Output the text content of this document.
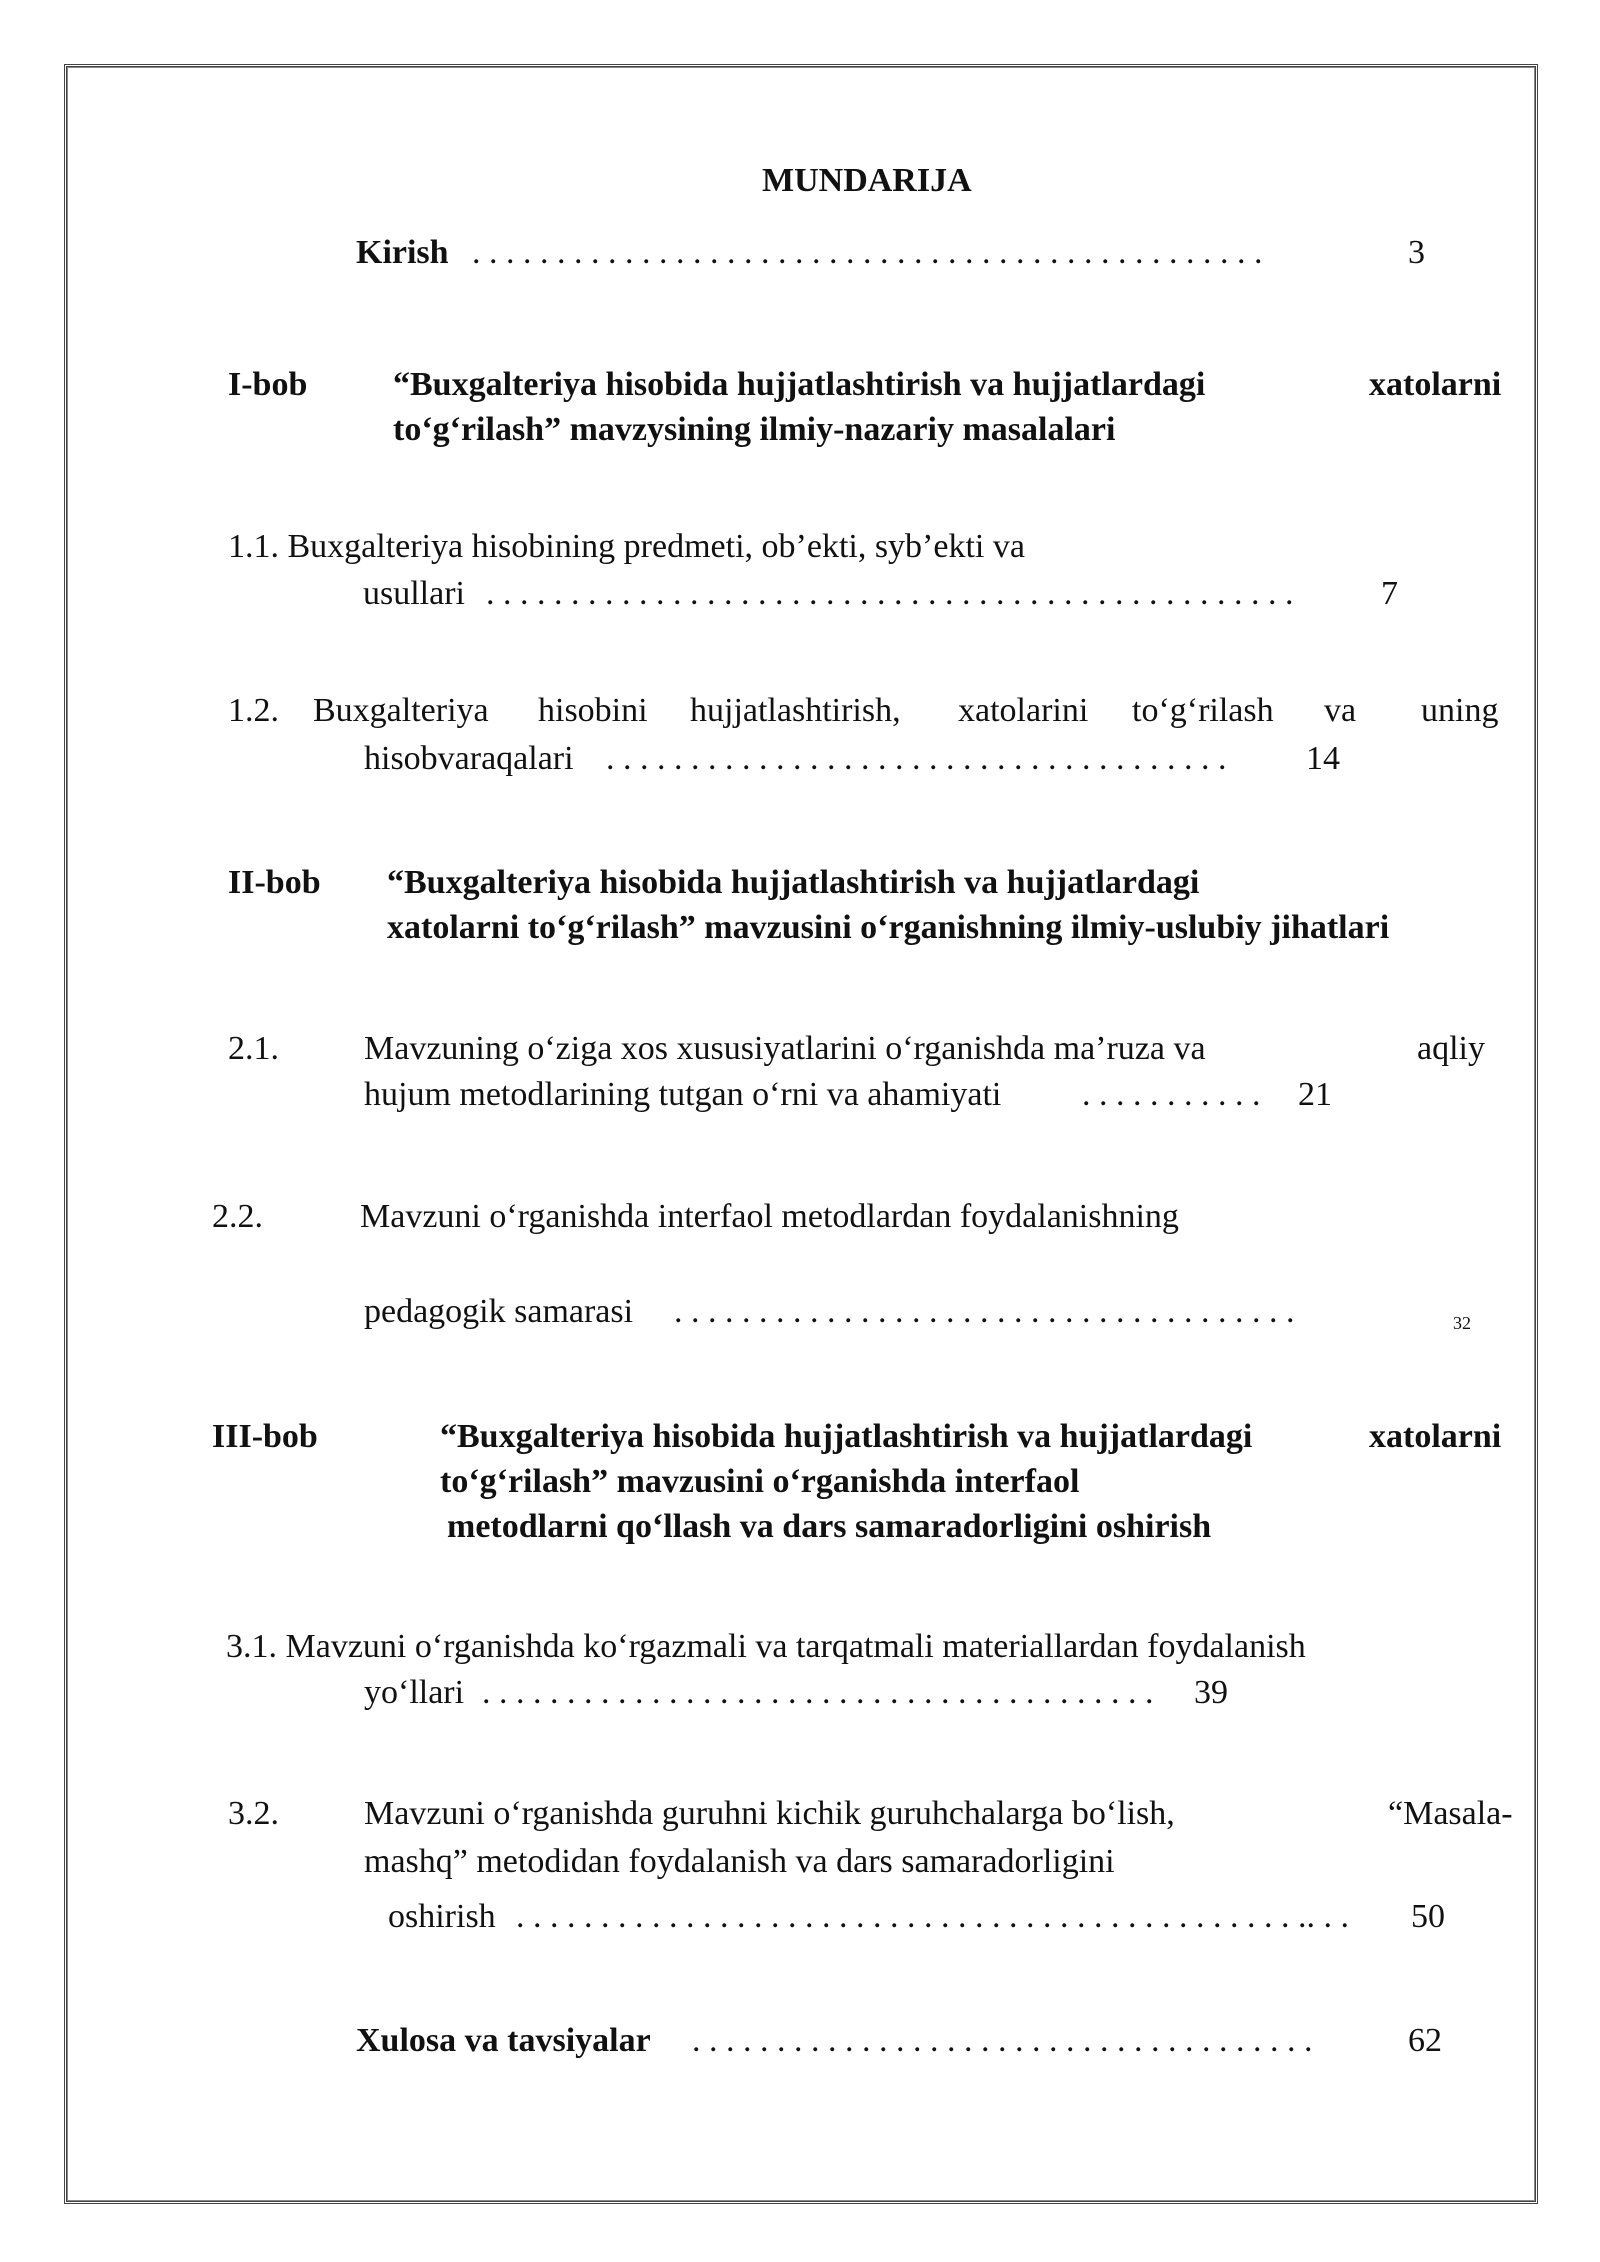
MUNDARIJA
Kirish . . . . . . . . . . . . . . . . . . . . . . . . . . . . . . . . . . . . . . . . . . . . . . .	3
I-bob	“Buxgalteriya hisobida hujjatlashtirish va hujjatlardagi	xatolarni
to‘g‘rilash” mavzysining ilmiy-nazariy masalalari
1.1. Buxgalteriya hisobining predmeti, ob’ekti, syb’ekti va
usullari . . . . . . . . . . . . . . . . . . . . . . . . . . . . . . . . . . . . . . . . . . . . . . . .	7
1.2. Buxgalteriya hisobini hujjatlashtirish, xatolarini to‘g‘rilash va uning
hisobvaraqalari . . . . . . . . . . . . . . . . . . . . . . . . . . . . . . . . . . . . . 14
II-bob “Buxgalteriya hisobida hujjatlashtirish va hujjatlardagi
xatolarni to‘g‘rilash” mavzusini o‘rganishning ilmiy-uslubiy jihatlari
2.1.	Mavzuning o‘ziga xos xususiyatlarini o‘rganishda ma’ruza va	aqliy
hujum metodlarining tutgan o‘rni va ahamiyati . . . . . . . . . . . 21
2.2.	Mavzuni o‘rganishda interfaol metodlardan foydalanishning
pedagogik samarasi . . . . . . . . . . . . . . . . . . . . . . . . . . . . . . . . . . . . .	32
III-bob	“Buxgalteriya hisobida hujjatlashtirish va hujjatlardagi	xatolarni
to‘g‘rilash” mavzusini o‘rganishda interfaol
metodlarni qo‘llash va dars samaradorligini oshirish
3.1. Mavzuni o‘rganishda ko‘rgazmali va tarqatmali materiallardan foydalanish
yo‘llari . . . . . . . . . . . . . . . . . . . . . . . . . . . . . . . . . . . . . . . . 39
3.2.	Mavzuni o‘rganishda guruhni kichik guruhchalarga bo‘lish,	“Masala-
mashq” metodidan foydalanish va dars samaradorligini
oshirish . . . . . . . . . . . . . . . . . . . . . . . . . . . . . . . . . . . . . . . . . . . . . . .. . . 50
Xulosa va tavsiyalar . . . . . . . . . . . . . . . . . . . . . . . . . . . . . . . . . . . . .	62
